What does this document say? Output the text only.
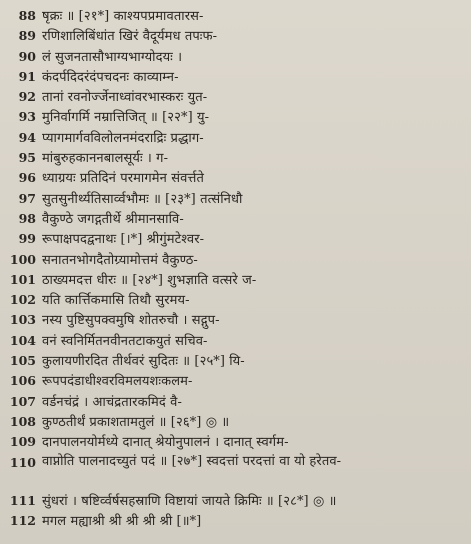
88 षृक्रः ॥ [२१*] काश्यपप्रमावतारस-
89 रणिशालिबिंधांत खिरं वैदूर्यमध तपःफ-
90 लं सुजनतासौभाग्यभाग्योदयः ।
91 कंदर्पदिदरंदंपचदनः काव्याम्न-
92 तानां रवनोर्ज्जेनाध्वांवरभास्करः युत-
93 मुनिर्वागर्मि नम्रात्तिजित् ॥ [२२*] यु-
94 प्यागमार्गवविलोलनमंदराद्रिः प्रद्धाग-
95 मांबुरुहकाननबालसूर्यः । ग-
96 ध्याग्रयः प्रतिदिनं परमागमेन संवर्त्तते
97 सुतसुनीर्थ्यतिसार्व्वभौमः ॥ [२३*] तत्संनिधौ
98 वैकुण्ठे जगद्गतीर्थे श्रीमानसावि-
99 रूपाक्षपदद्वनाथः [।*] श्रीगुंमटेश्वर-
100 सनातनभोगदैतोग्र्यामोत्तमं वैकुण्ठ-
101 ठाख्यमदत्त धीरः ॥ [२४*] शुभज्ञाति वत्सरे ज-
102 यति कार्त्तिकमासि तिथौ सुरमय-
103 नस्य पुष्टिसुपक्वमुषि शोतरुचौ । सद्गुप-
104 वनं स्वनिर्मितनवीनतटाकयुतं सचिव-
105 कुलायणीरदित तीर्थवरं सुदितः ॥ [२५*] यि-
106 रूपपदंडाधीश्वरविमलयशःकलम-
107 वर्डनचंद्रं । आचंद्रतारकमिदं वै-
108 कुण्ठतीर्थं प्रकाशतामतुलं ॥ [२६*] ◎ ॥
109 दानपालनयोर्मध्ये दानात् श्रेयोनुपालनं । दानात् स्वर्गम-
110 वाप्नोति पालनादच्युतं पदं ॥ [२७*] स्वदत्तां परदत्तां वा यो हरेतव-
111 सुंधरां । षष्टिर्व्वर्षसहस्राणि विष्टायां जायते क्रिमिः ॥ [२८*] ◎ ॥
112 मगल मह्याश्री श्री श्री श्री श्री [॥*]
